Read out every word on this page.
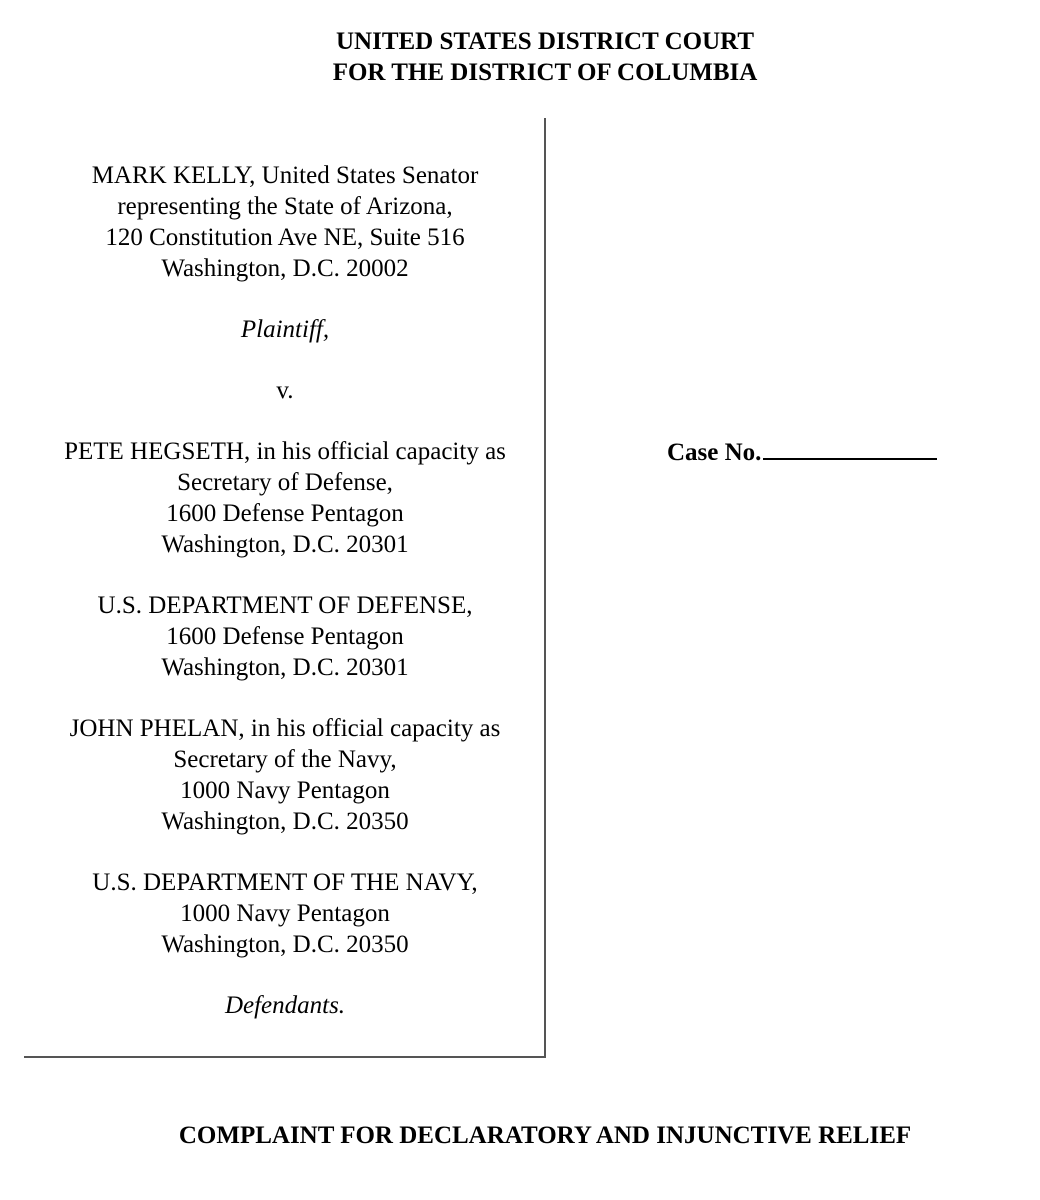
UNITED STATES DISTRICT COURT
FOR THE DISTRICT OF COLUMBIA
MARK KELLY, United States Senator
representing the State of Arizona,
120 Constitution Ave NE, Suite 516
Washington, D.C. 20002
Plaintiff,
v.
PETE HEGSETH, in his official capacity as
Secretary of Defense,
1600 Defense Pentagon
Washington, D.C. 20301
U.S. DEPARTMENT OF DEFENSE,
1600 Defense Pentagon
Washington, D.C. 20301
JOHN PHELAN, in his official capacity as
Secretary of the Navy,
1000 Navy Pentagon
Washington, D.C. 20350
U.S. DEPARTMENT OF THE NAVY,
1000 Navy Pentagon
Washington, D.C. 20350
Defendants.
Case No.
COMPLAINT FOR DECLARATORY AND INJUNCTIVE RELIEF
